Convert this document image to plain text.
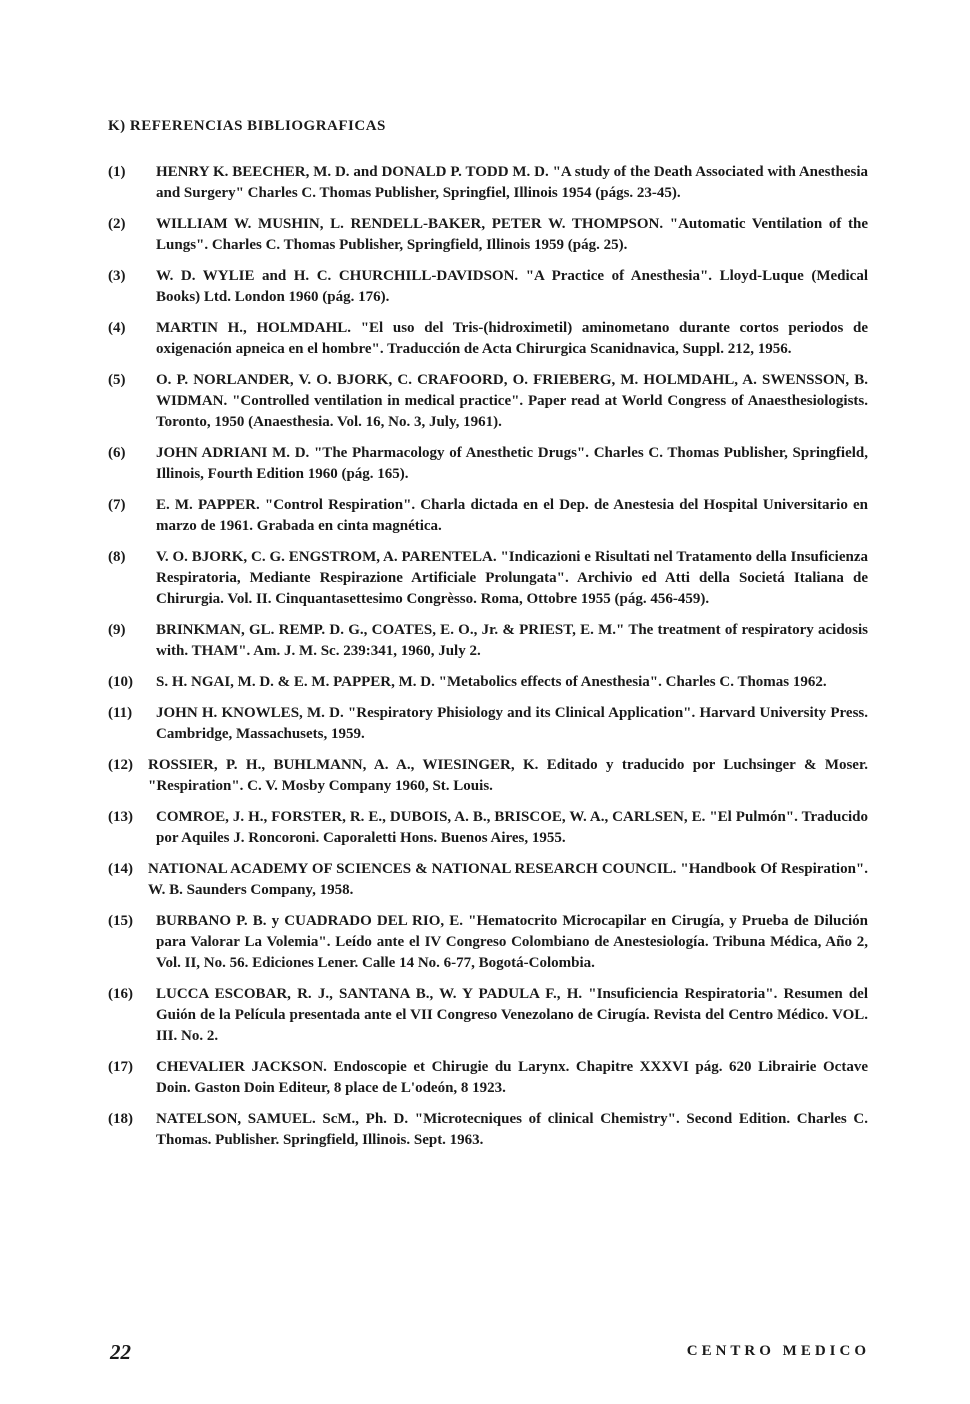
K) REFERENCIAS BIBLIOGRAFICAS
(1) HENRY K. BEECHER, M. D. and DONALD P. TODD M. D. "A study of the Death Associated with Anesthesia and Surgery" Charles C. Thomas Publisher, Springfiel, Illinois 1954 (págs. 23-45).
(2) WILLIAM W. MUSHIN, L. RENDELL-BAKER, PETER W. THOMPSON. "Automatic Ventilation of the Lungs". Charles C. Thomas Publisher, Springfield, Illinois 1959 (pág. 25).
(3) W. D. WYLIE and H. C. CHURCHILL-DAVIDSON. "A Practice of Anesthesia". Lloyd-Luque (Medical Books) Ltd. London 1960 (pág. 176).
(4) MARTIN H., HOLMDAHL. "El uso del Tris-(hidroximetil) aminometano durante cortos periodos de oxigenación apneica en el hombre". Traducción de Acta Chirurgica Scanidnavica, Suppl. 212, 1956.
(5) O. P. NORLANDER, V. O. BJORK, C. CRAFOORD, O. FRIEBERG, M. HOLMDAHL, A. SWENSSON, B. WIDMAN. "Controlled ventilation in medical practice". Paper read at World Congress of Anaesthesiologists. Toronto, 1950 (Anaesthesia. Vol. 16, No. 3, July, 1961).
(6) JOHN ADRIANI M. D. "The Pharmacology of Anesthetic Drugs". Charles C. Thomas Publisher, Springfield, Illinois, Fourth Edition 1960 (pág. 165).
(7) E. M. PAPPER. "Control Respiration". Charla dictada en el Dep. de Anestesia del Hospital Universitario en marzo de 1961. Grabada en cinta magnética.
(8) V. O. BJORK, C. G. ENGSTROM, A. PARENTELA. "Indicazioni e Risultati nel Tratamento della Insuficienza Respiratoria, Mediante Respirazione Artificiale Prolungata". Archivio ed Atti della Societá Italiana de Chirurgia. Vol. II. Cinquantasettesimo Congrèsso. Roma, Ottobre 1955 (pág. 456-459).
(9) BRINKMAN, GL. REMP. D. G., COATES, E. O., Jr. & PRIEST, E. M." The treatment of respiratory acidosis with. THAM". Am. J. M. Sc. 239:341, 1960, July 2.
(10) S. H. NGAI, M. D. & E. M. PAPPER, M. D. "Metabolics effects of Anesthesia". Charles C. Thomas 1962.
(11) JOHN H. KNOWLES, M. D. "Respiratory Phisiology and its Clinical Application". Harvard University Press. Cambridge, Massachusets, 1959.
(12) ROSSIER, P. H., BUHLMANN, A. A., WIESINGER, K. Editado y traducido por Luchsinger & Moser. "Respiration". C. V. Mosby Company 1960, St. Louis.
(13) COMROE, J. H., FORSTER, R. E., DUBOIS, A. B., BRISCOE, W. A., CARLSEN, E. "El Pulmón". Traducido por Aquiles J. Roncoroni. Caporaletti Hons. Buenos Aires, 1955.
(14) NATIONAL ACADEMY OF SCIENCES & NATIONAL RESEARCH COUNCIL. "Handbook Of Respiration". W. B. Saunders Company, 1958.
(15) BURBANO P. B. y CUADRADO DEL RIO, E. "Hematocrito Microcapilar en Cirugía, y Prueba de Dilución para Valorar La Volemia". Leído ante el IV Congreso Colombiano de Anestesiología. Tribuna Médica, Año 2, Vol. II, No. 56. Ediciones Lener. Calle 14 No. 6-77, Bogotá-Colombia.
(16) LUCCA ESCOBAR, R. J., SANTANA B., W. Y PADULA F., H. "Insuficiencia Respiratoria". Resumen del Guión de la Película presentada ante el VII Congreso Venezolano de Cirugía. Revista del Centro Médico. VOL. III. No. 2.
(17) CHEVALIER JACKSON. Endoscopie et Chirugie du Larynx. Chapitre XXXVI pág. 620 Librairie Octave Doin. Gaston Doin Editeur, 8 place de L'odeón, 8 1923.
(18) NATELSON, SAMUEL. ScM., Ph. D. "Microtecniques of clinical Chemistry". Second Edition. Charles C. Thomas. Publisher. Springfield, Illinois. Sept. 1963.
22	CENTRO MEDICO
